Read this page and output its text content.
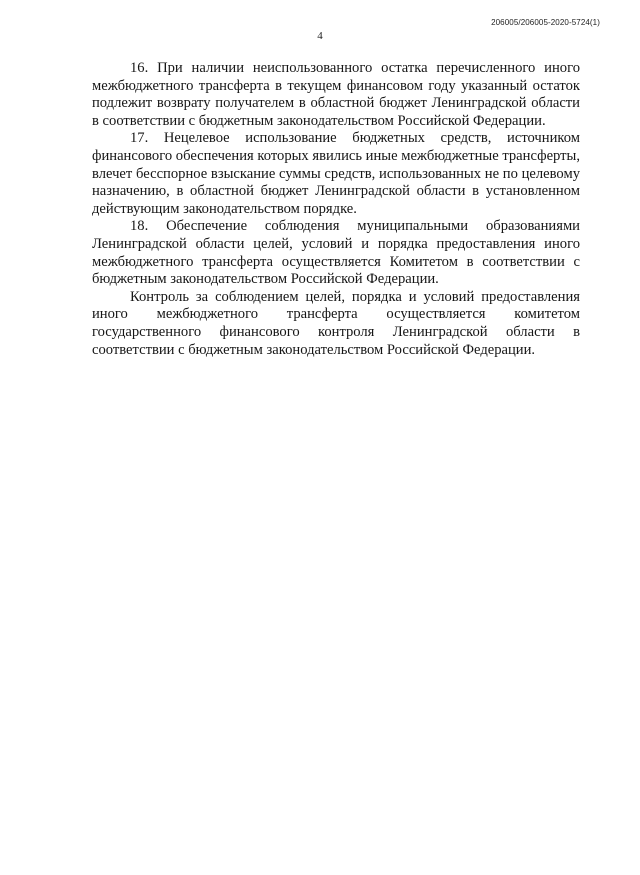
206005/206005-2020-5724(1)
4

16. При наличии неиспользованного остатка перечисленного иного межбюджетного трансферта в текущем финансовом году указанный остаток подлежит возврату получателем в областной бюджет Ленинградской области в соответствии с бюджетным законодательством Российской Федерации.

17. Нецелевое использование бюджетных средств, источником финансового обеспечения которых явились иные межбюджетные трансферты, влечет бесспорное взыскание суммы средств, использованных не по целевому назначению, в областной бюджет Ленинградской области в установленном действующим законодательством порядке.

18. Обеспечение соблюдения муниципальными образованиями Ленинградской области целей, условий и порядка предоставления иного межбюджетного трансферта осуществляется Комитетом в соответствии с бюджетным законодательством Российской Федерации.

Контроль за соблюдением целей, порядка и условий предоставления иного межбюджетного трансферта осуществляется комитетом государственного финансового контроля Ленинградской области в соответствии с бюджетным законодательством Российской Федерации.
